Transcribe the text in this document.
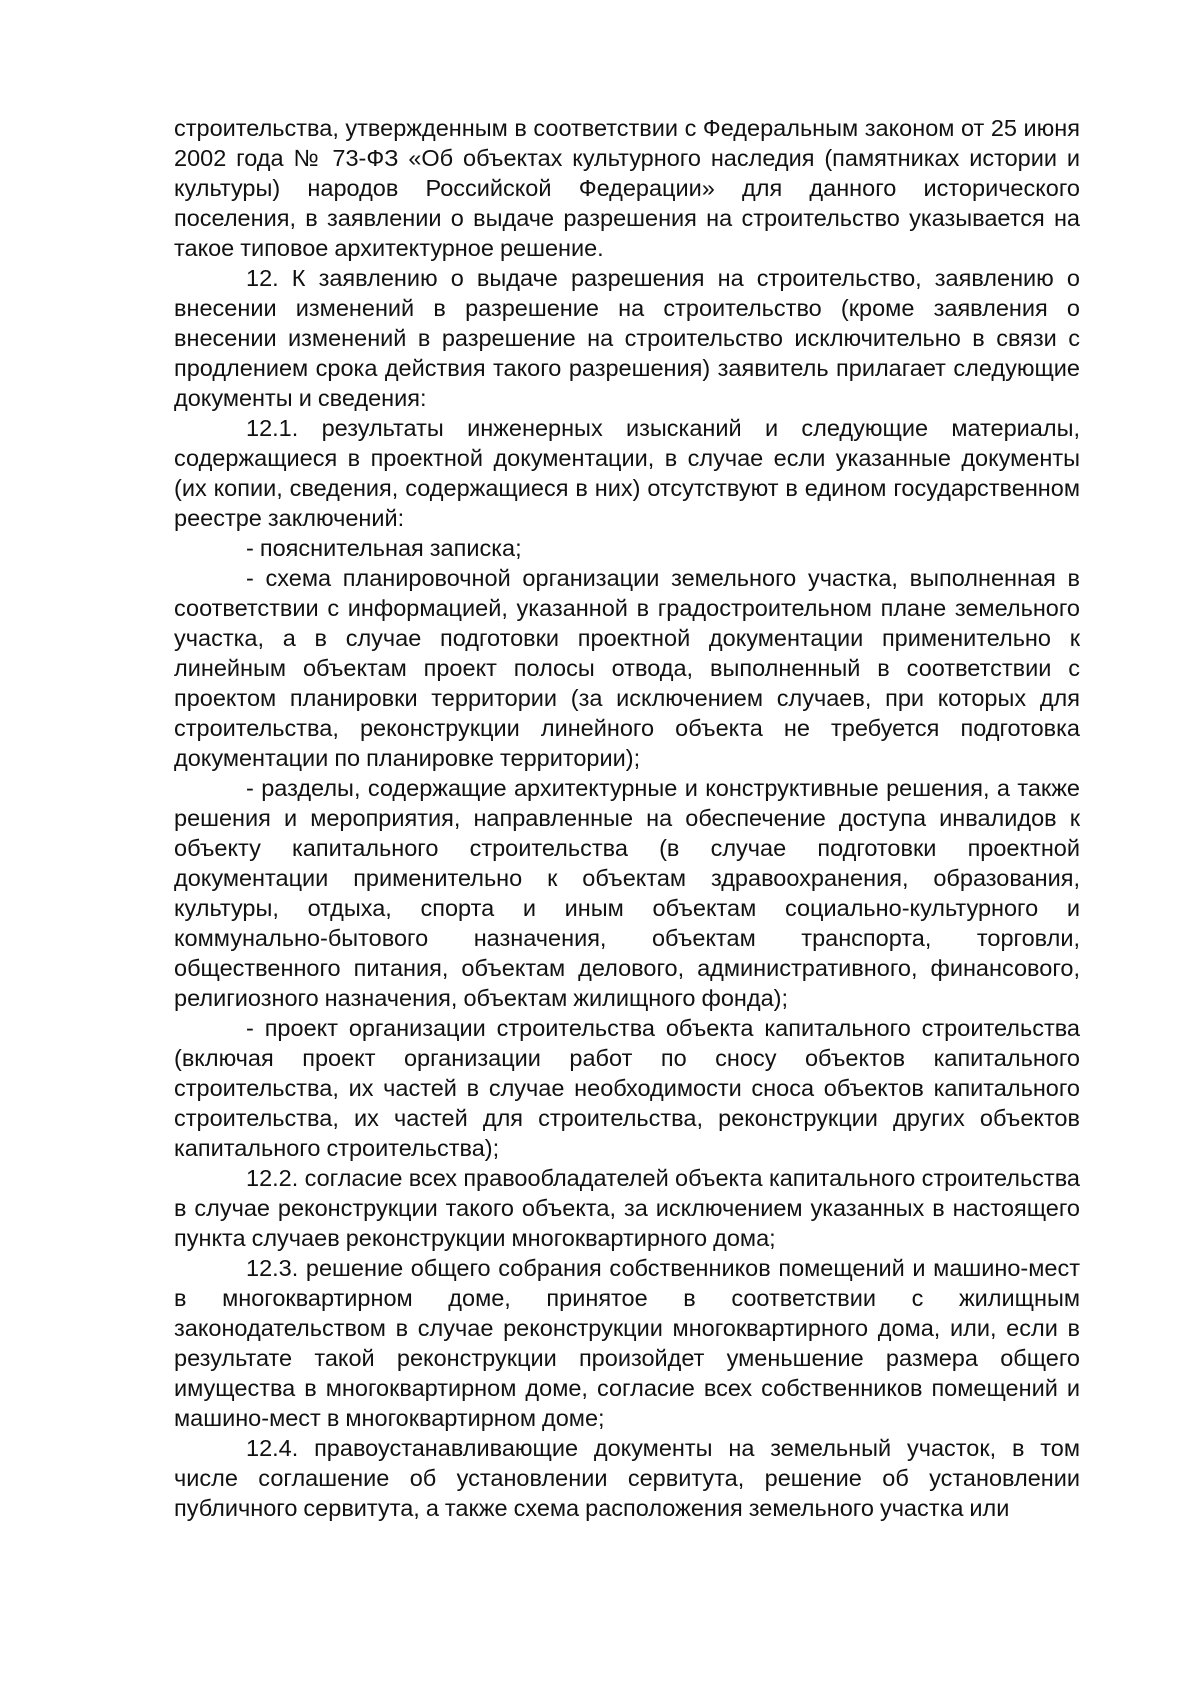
строительства, утвержденным в соответствии с Федеральным законом от 25 июня 2002 года № 73-ФЗ «Об объектах культурного наследия (памятниках истории и культуры) народов Российской Федерации» для данного исторического поселения, в заявлении о выдаче разрешения на строительство указывается на такое типовое архитектурное решение.

12. К заявлению о выдаче разрешения на строительство, заявлению о внесении изменений в разрешение на строительство (кроме заявления о внесении изменений в разрешение на строительство исключительно в связи с продлением срока действия такого разрешения) заявитель прилагает следующие документы и сведения:

12.1. результаты инженерных изысканий и следующие материалы, содержащиеся в проектной документации, в случае если указанные документы (их копии, сведения, содержащиеся в них) отсутствуют в едином государственном реестре заключений:

- пояснительная записка;

- схема планировочной организации земельного участка, выполненная в соответствии с информацией, указанной в градостроительном плане земельного участка, а в случае подготовки проектной документации применительно к линейным объектам проект полосы отвода, выполненный в соответствии с проектом планировки территории (за исключением случаев, при которых для строительства, реконструкции линейного объекта не требуется подготовка документации по планировке территории);

- разделы, содержащие архитектурные и конструктивные решения, а также решения и мероприятия, направленные на обеспечение доступа инвалидов к объекту капитального строительства (в случае подготовки проектной документации применительно к объектам здравоохранения, образования, культуры, отдыха, спорта и иным объектам социально-культурного и коммунально-бытового назначения, объектам транспорта, торговли, общественного питания, объектам делового, административного, финансового, религиозного назначения, объектам жилищного фонда);

- проект организации строительства объекта капитального строительства (включая проект организации работ по сносу объектов капитального строительства, их частей в случае необходимости сноса объектов капитального строительства, их частей для строительства, реконструкции других объектов капитального строительства);

12.2. согласие всех правообладателей объекта капитального строительства в случае реконструкции такого объекта, за исключением указанных в настоящего пункта случаев реконструкции многоквартирного дома;

12.3. решение общего собрания собственников помещений и машино-мест в многоквартирном доме, принятое в соответствии с жилищным законодательством в случае реконструкции многоквартирного дома, или, если в результате такой реконструкции произойдет уменьшение размера общего имущества в многоквартирном доме, согласие всех собственников помещений и машино-мест в многоквартирном доме;

12.4. правоустанавливающие документы на земельный участок, в том числе соглашение об установлении сервитута, решение об установлении публичного сервитута, а также схема расположения земельного участка или
